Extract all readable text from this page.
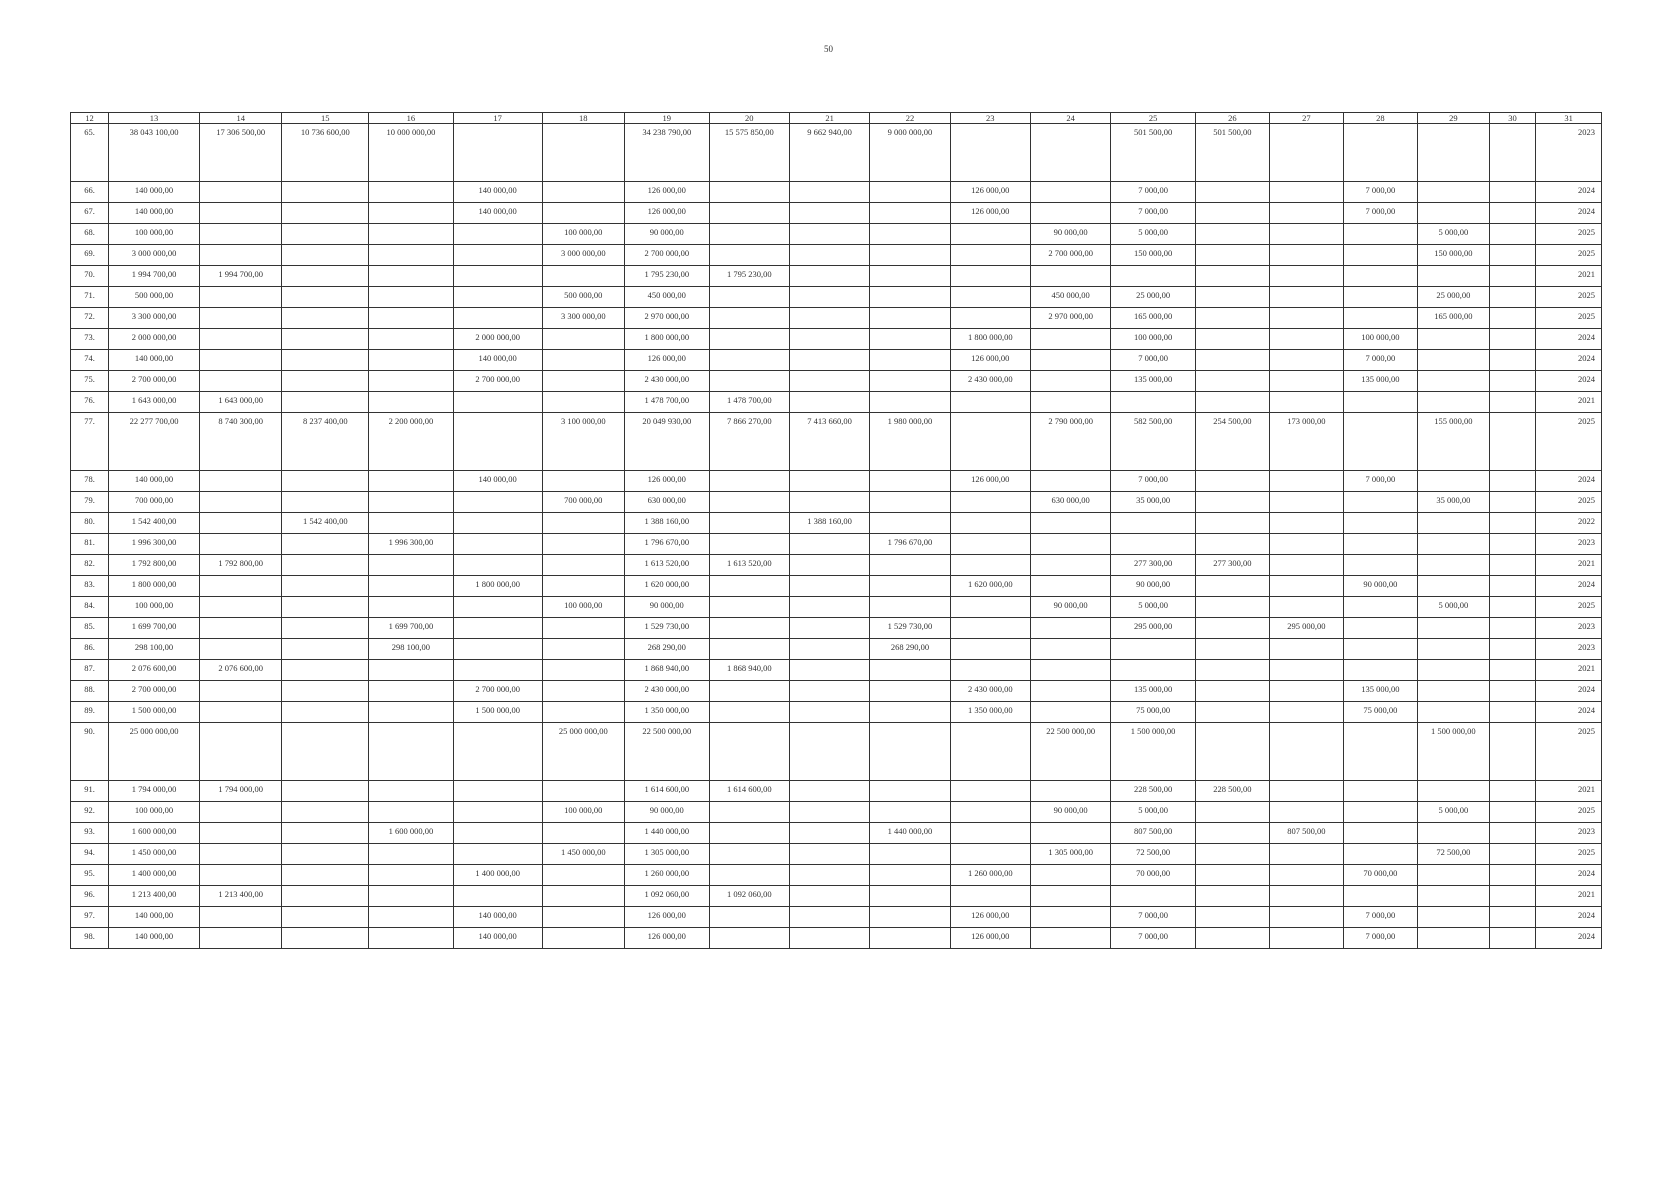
50
12	13	14	15	16	17	18	19	20	21	22	23	24	25	26	27	28	29	30	31
65.	38 043 100,00	17 306 500,00	10 736 600,00	10 000 000,00			34 238 790,00	15 575 850,00	9 662 940,00	9 000 000,00			501 500,00	501 500,00					2023
66.	140 000,00				140 000,00		126 000,00				126 000,00		7 000,00			7 000,00			2024
67.	140 000,00				140 000,00		126 000,00				126 000,00		7 000,00			7 000,00			2024
68.	100 000,00					100 000,00	90 000,00					90 000,00	5 000,00				5 000,00		2025
69.	3 000 000,00					3 000 000,00	2 700 000,00					2 700 000,00	150 000,00				150 000,00		2025
70.	1 994 700,00	1 994 700,00					1 795 230,00	1 795 230,00											2021
71.	500 000,00					500 000,00	450 000,00					450 000,00	25 000,00				25 000,00		2025
72.	3 300 000,00					3 300 000,00	2 970 000,00					2 970 000,00	165 000,00				165 000,00		2025
73.	2 000 000,00				2 000 000,00		1 800 000,00				1 800 000,00		100 000,00			100 000,00			2024
74.	140 000,00				140 000,00		126 000,00				126 000,00		7 000,00			7 000,00			2024
75.	2 700 000,00				2 700 000,00		2 430 000,00				2 430 000,00		135 000,00			135 000,00			2024
76.	1 643 000,00	1 643 000,00					1 478 700,00	1 478 700,00											2021
77.	22 277 700,00	8 740 300,00	8 237 400,00	2 200 000,00		3 100 000,00	20 049 930,00	7 866 270,00	7 413 660,00	1 980 000,00		2 790 000,00	582 500,00	254 500,00	173 000,00		155 000,00		2025
78.	140 000,00				140 000,00		126 000,00				126 000,00		7 000,00			7 000,00			2024
79.	700 000,00					700 000,00	630 000,00					630 000,00	35 000,00				35 000,00		2025
80.	1 542 400,00		1 542 400,00				1 388 160,00		1 388 160,00										2022
81.	1 996 300,00			1 996 300,00			1 796 670,00			1 796 670,00									2023
82.	1 792 800,00	1 792 800,00					1 613 520,00	1 613 520,00					277 300,00	277 300,00					2021
83.	1 800 000,00				1 800 000,00		1 620 000,00				1 620 000,00		90 000,00			90 000,00			2024
84.	100 000,00					100 000,00	90 000,00					90 000,00	5 000,00				5 000,00		2025
85.	1 699 700,00			1 699 700,00			1 529 730,00			1 529 730,00			295 000,00		295 000,00				2023
86.	298 100,00			298 100,00			268 290,00			268 290,00									2023
87.	2 076 600,00	2 076 600,00					1 868 940,00	1 868 940,00											2021
88.	2 700 000,00				2 700 000,00		2 430 000,00				2 430 000,00		135 000,00			135 000,00			2024
89.	1 500 000,00				1 500 000,00		1 350 000,00				1 350 000,00		75 000,00			75 000,00			2024
90.	25 000 000,00					25 000 000,00	22 500 000,00					22 500 000,00	1 500 000,00				1 500 000,00		2025
91.	1 794 000,00	1 794 000,00					1 614 600,00	1 614 600,00					228 500,00	228 500,00					2021
92.	100 000,00					100 000,00	90 000,00					90 000,00	5 000,00				5 000,00		2025
93.	1 600 000,00			1 600 000,00			1 440 000,00			1 440 000,00			807 500,00		807 500,00				2023
94.	1 450 000,00					1 450 000,00	1 305 000,00					1 305 000,00	72 500,00				72 500,00		2025
95.	1 400 000,00				1 400 000,00		1 260 000,00				1 260 000,00		70 000,00			70 000,00			2024
96.	1 213 400,00	1 213 400,00					1 092 060,00	1 092 060,00											2021
97.	140 000,00				140 000,00		126 000,00				126 000,00		7 000,00			7 000,00			2024
98.	140 000,00				140 000,00		126 000,00				126 000,00		7 000,00			7 000,00			2024
